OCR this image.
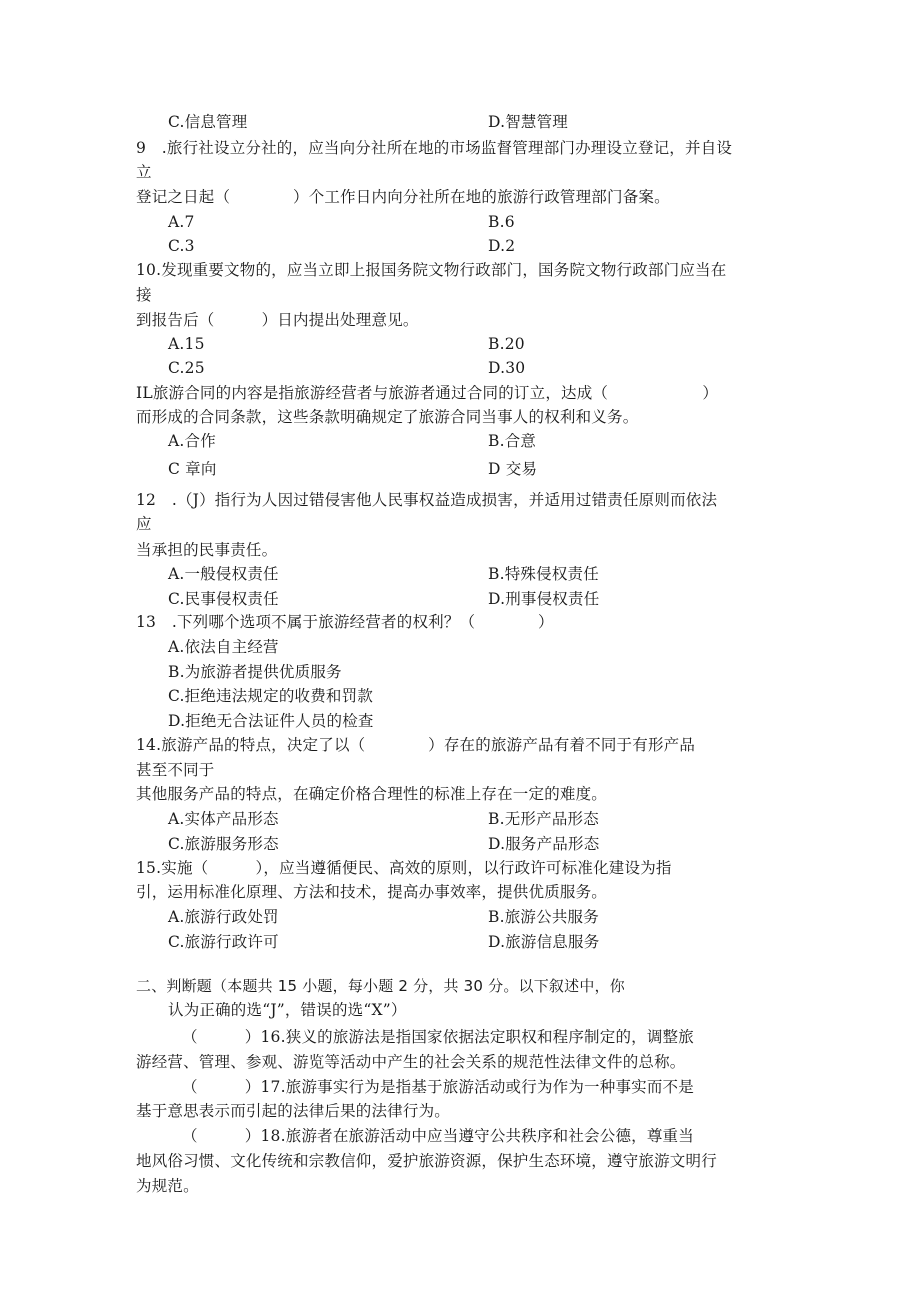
C.信息管理	D.智慧管理
9　.旅行社设立分社的，应当向分社所在地的市场监督管理部门办理设立登记，并自设
立
登记之日起（　　　　）个工作日内向分社所在地的旅游行政管理部门备案。
A.7	B.6
C.3	D.2
10.发现重要文物的，应当立即上报国务院文物行政部门，国务院文物行政部门应当在
接
到报告后（　　　）日内提出处理意见。
A.15	B.20
C.25	D.30
IL旅游合同的内容是指旅游经营者与旅游者通过合同的订立，达成（　　　　　　）
而形成的合同条款，这些条款明确规定了旅游合同当事人的权利和义务。
A.合作	B.合意
C 章向	D 交易
12　.（J）指行为人因过错侵害他人民事权益造成损害，并适用过错责任原则而依法
应
当承担的民事责任。
A.一般侵权责任	B.特殊侵权责任
C.民事侵权责任	D.刑事侵权责任
13　.下列哪个选项不属于旅游经营者的权利？（　　　　）
A.依法自主经营
B.为旅游者提供优质服务
C.拒绝违法规定的收费和罚款
D.拒绝无合法证件人员的检查
14.旅游产品的特点，决定了以（　　　　）存在的旅游产品有着不同于有形产品
甚至不同于
其他服务产品的特点，在确定价格合理性的标准上存在一定的难度。
A.实体产品形态	B.无形产品形态
C.旅游服务形态	D.服务产品形态
15.实施（　　　），应当遵循便民、高效的原则，以行政许可标准化建设为指
引，运用标准化原理、方法和技术，提高办事效率，提供优质服务。
A.旅游行政处罚	B.旅游公共服务
C.旅游行政许可	D.旅游信息服务
二、判断题（本题共 15 小题，每小题 2 分，共 30 分。以下叙述中，你
认为正确的选“J”，错误的选“X”）
（　　　）16.狭义的旅游法是指国家依据法定职权和程序制定的，调整旅
游经营、管理、参观、游览等活动中产生的社会关系的规范性法律文件的总称。
（　　　）17.旅游事实行为是指基于旅游活动或行为作为一种事实而不是
基于意思表示而引起的法律后果的法律行为。
（　　　）18.旅游者在旅游活动中应当遵守公共秩序和社会公德，尊重当
地风俗习惯、文化传统和宗教信仰，爱护旅游资源，保护生态环境，遵守旅游文明行
为规范。
